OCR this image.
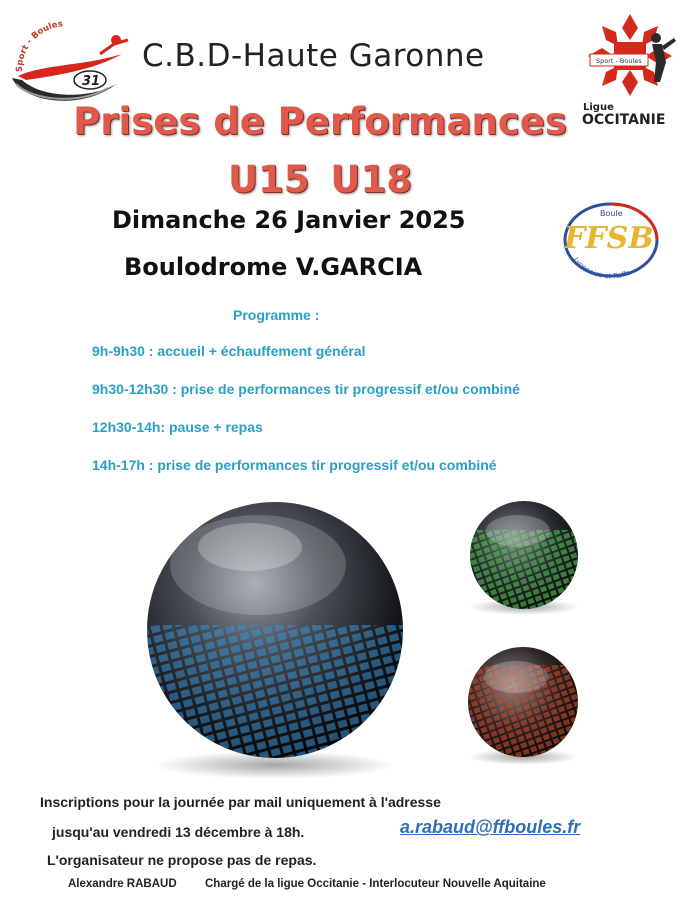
Sport - Boules
31
C.B.D-Haute Garonne	Sport - Boules
Ligue
OCCITANIE
Prises de Performances
U15 U18
Dimanche 26 Janvier 2025
Boulodrome V.GARCIA
Boule
FFSB
Lyonnaise et Raffa
Programme :
9h-9h30 : accueil + échauffement général
9h30-12h30 : prise de performances tir progressif et/ou combiné
12h30-14h: pause + repas
14h-17h : prise de performances tir progressif et/ou combiné
Inscriptions pour la journée par mail uniquement à l'adresse
jusqu'au vendredi 13 décembre à 18h.	a.rabaud@ffboules.fr
L'organisateur ne propose pas de repas.
Alexandre RABAUD Chargé de la ligue Occitanie - Interlocuteur Nouvelle Aquitaine
